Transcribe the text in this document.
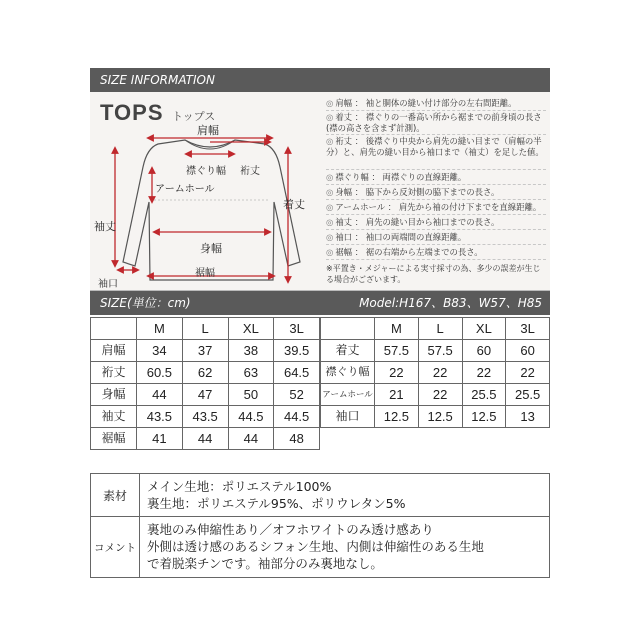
SIZE INFORMATION
TOPS トップス
肩幅
裄丈
襟ぐり幅
着丈
アームホール
袖丈
身幅
袖口
裾幅
◎ 肩幅 ： 袖と胴体の縫い付け部分の左右間距離。
◎ 着丈 ： 襟ぐりの一番高い所から裾までの前身頃の長さ(襟の高さを含まず計測)。
◎ 裄丈 ： 後襟ぐり中央から肩先の縫い目まで（肩幅の半分）と、肩先の縫い目から袖口まで（袖丈）を足した値。
◎ 襟ぐり幅 ： 両襟ぐりの直線距離。
◎ 身幅 ： 脇下から反対側の脇下までの長さ。
◎ アームホール ： 肩先から袖の付け下までを直線距離。
◎ 袖丈 ： 肩先の縫い目から袖口までの長さ。
◎ 袖口 ： 袖口の両端間の直線距離。
◎ 裾幅 ： 裾の右端から左端までの長さ。
※平置き・メジャーによる実寸採寸の為、多少の誤差が生じる場合がございます。
SIZE(単位：cm)	Model:H167、B83、W57、H85
	M	L	XL	3L
肩幅	34	37	38	39.5
裄丈	60.5	62	63	64.5
身幅	44	47	50	52
袖丈	43.5	43.5	44.5	44.5
裾幅	41	44	44	48
	M	L	XL	3L
着丈	57.5	57.5	60	60
襟ぐり幅	22	22	22	22
アームホール	21	22	25.5	25.5
袖口	12.5	12.5	12.5	13
素材
メイン生地：ポリエステル100%
裏生地：ポリエステル95%、ポリウレタン5%
コメント
裏地のみ伸縮性あり／オフホワイトのみ透け感あり
外側は透け感のあるシフォン生地、内側は伸縮性のある生地
で着脱楽チンです。袖部分のみ裏地なし。
